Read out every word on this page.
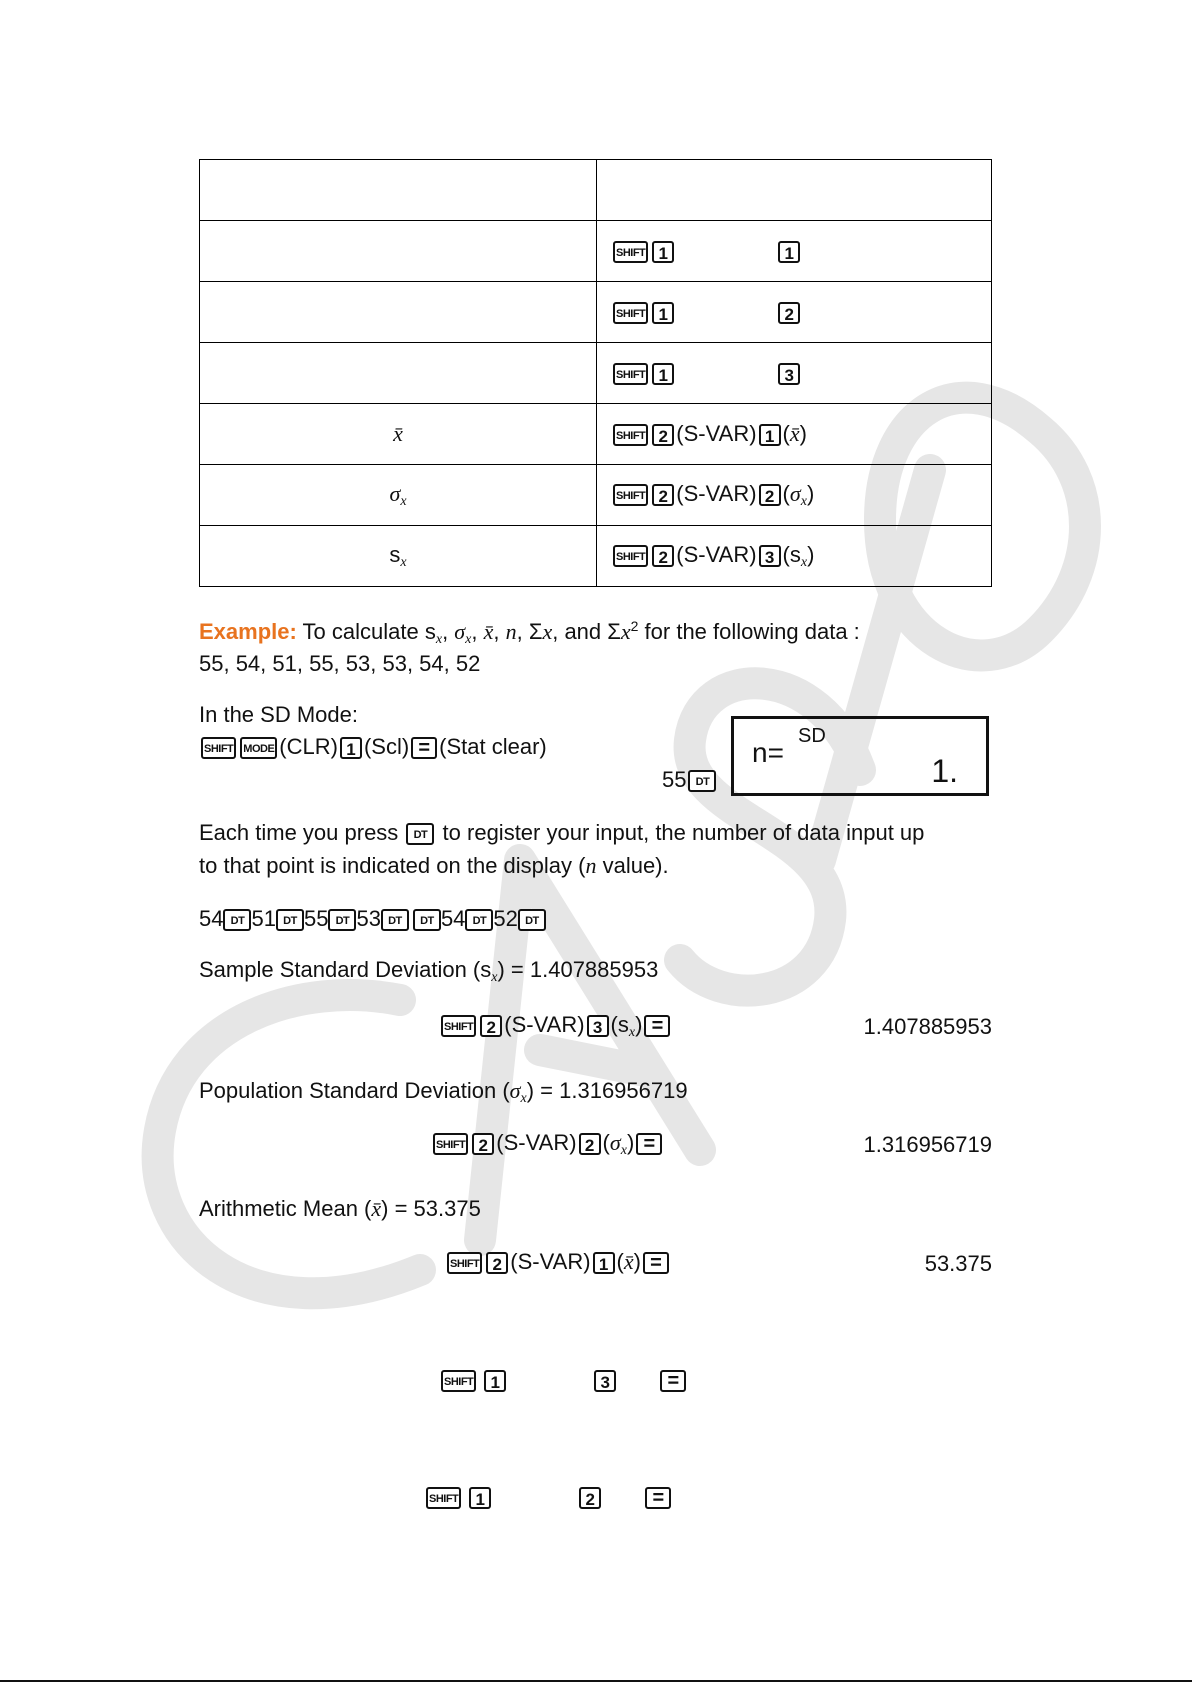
	SHIFT 1 1
	SHIFT 1 2
	SHIFT 1 3
x̄	SHIFT 2 (S-VAR) 1 (x̄)
$\sigma_x$	SHIFT 2 (S-VAR) 2 $(\sigma_x)$
$s_x$	SHIFT 2 (S-VAR) 3 $(s_x)$
Example: To calculate $s_x$, $\sigma_x$, x̄, n, Σx, and $\Sigma x^2$ for the following data :
55, 54, 51, 55, 53, 53, 54, 52
In the SD Mode:
SHIFT MODE (CLR) 1 (Scl) = (Stat clear)
55 DT
SD
n=
1.
Each time you press DT to register your input, the number of data input up
to that point is indicated on the display (n value).
54 DT 51 DT 55 DT 53 DT DT 54 DT 52 DT
Sample Standard Deviation $(s_x) = 1.407885953$
SHIFT 2 (S-VAR) 3 $(s_x)$ =	1.407885953
Population Standard Deviation $(\sigma_x) = 1.316956719$
SHIFT 2 (S-VAR) 2 $(\sigma_x)$ =	1.316956719
Arithmetic Mean (x̄) = 53.375
SHIFT 2 (S-VAR) 1 (x̄) =	53.375
SHIFT 1	3	=
SHIFT 1	2	=
